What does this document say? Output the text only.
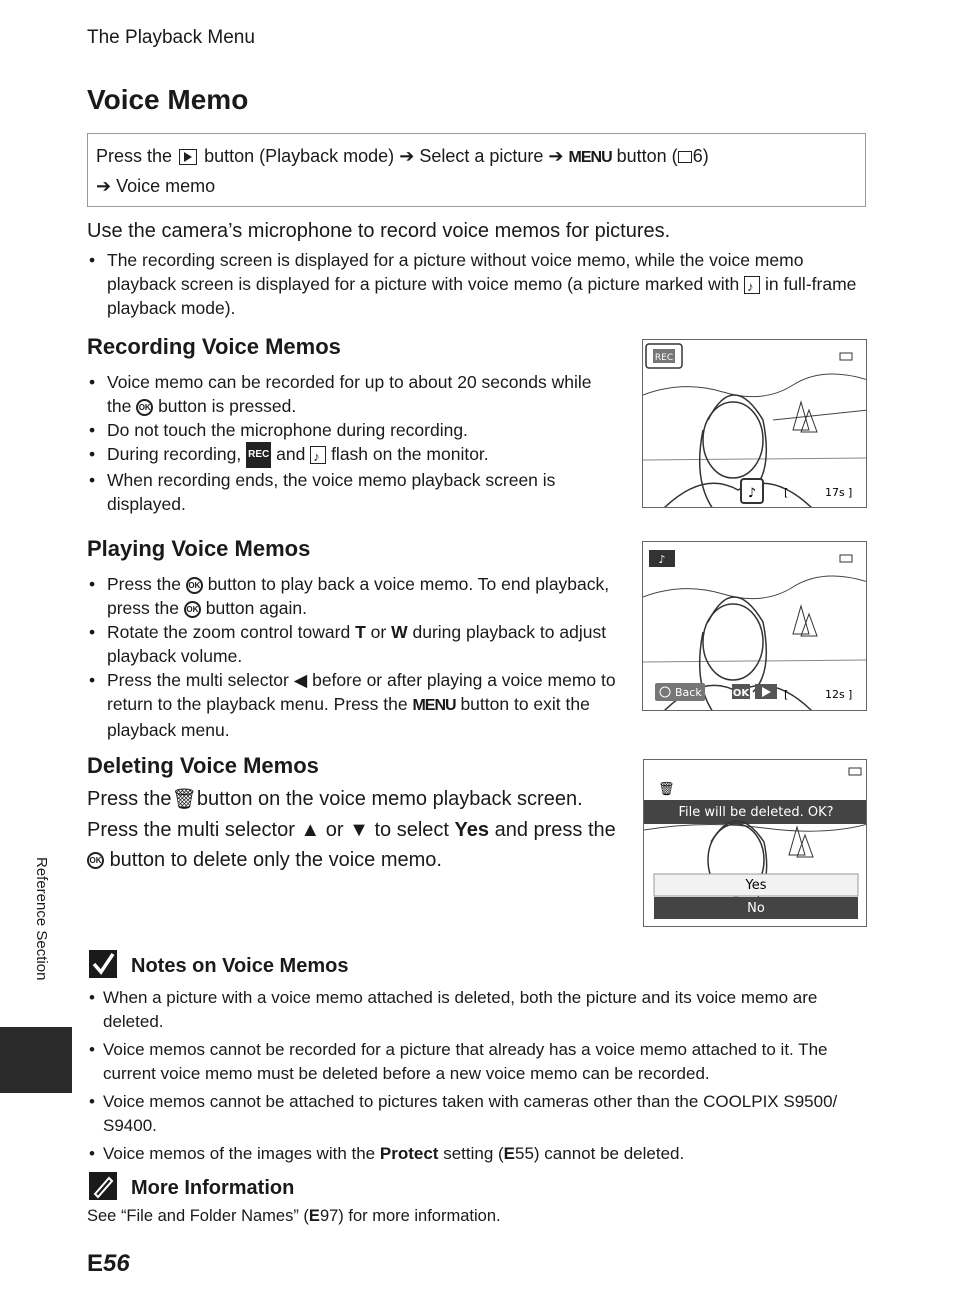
The Playback Menu
Voice Memo
Press the button (Playback mode) ➔ Select a picture ➔ MENU button ( 6)
➔ Voice memo
Use the camera’s microphone to record voice memos for pictures.
• The recording screen is displayed for a picture without voice memo, while the voice memo playback screen is displayed for a picture with voice memo (a picture marked with ♪ in full-frame playback mode).
Recording Voice Memos
• Voice memo can be recorded for up to about 20 seconds while the OK button is pressed.
• Do not touch the microphone during recording.
• During recording, REC and ♪ flash on the monitor.
• When recording ends, the voice memo playback screen is displayed.
REC
♪	[	17s ]
Playing Voice Memos
• Press the OK button to play back a voice memo. To end playback, press the OK button again.
• Rotate the zoom control toward T or W during playback to adjust playback volume.
• Press the multi selector ◀ before or after playing a voice memo to return to the playback menu. Press the MENU button to exit the playback menu.
♪
Back	OK	[	12s ]
Deleting Voice Memos
Press the🗑button on the voice memo playback screen. Press the multi selector ▲ or ▼ to select Yes and press the OK button to delete only the voice memo.
🗑
File will be deleted. OK?
Yes
No
Reference Section	Notes on Voice Memos
• When a picture with a voice memo attached is deleted, both the picture and its voice memo are deleted.
• Voice memos cannot be recorded for a picture that already has a voice memo attached to it. The current voice memo must be deleted before a new voice memo can be recorded.
• Voice memos cannot be attached to pictures taken with cameras other than the COOLPIX S9500/ S9400.
• Voice memos of the images with the Protect setting (E55) cannot be deleted.
More Information
See “File and Folder Names” (E97) for more information.
E56
